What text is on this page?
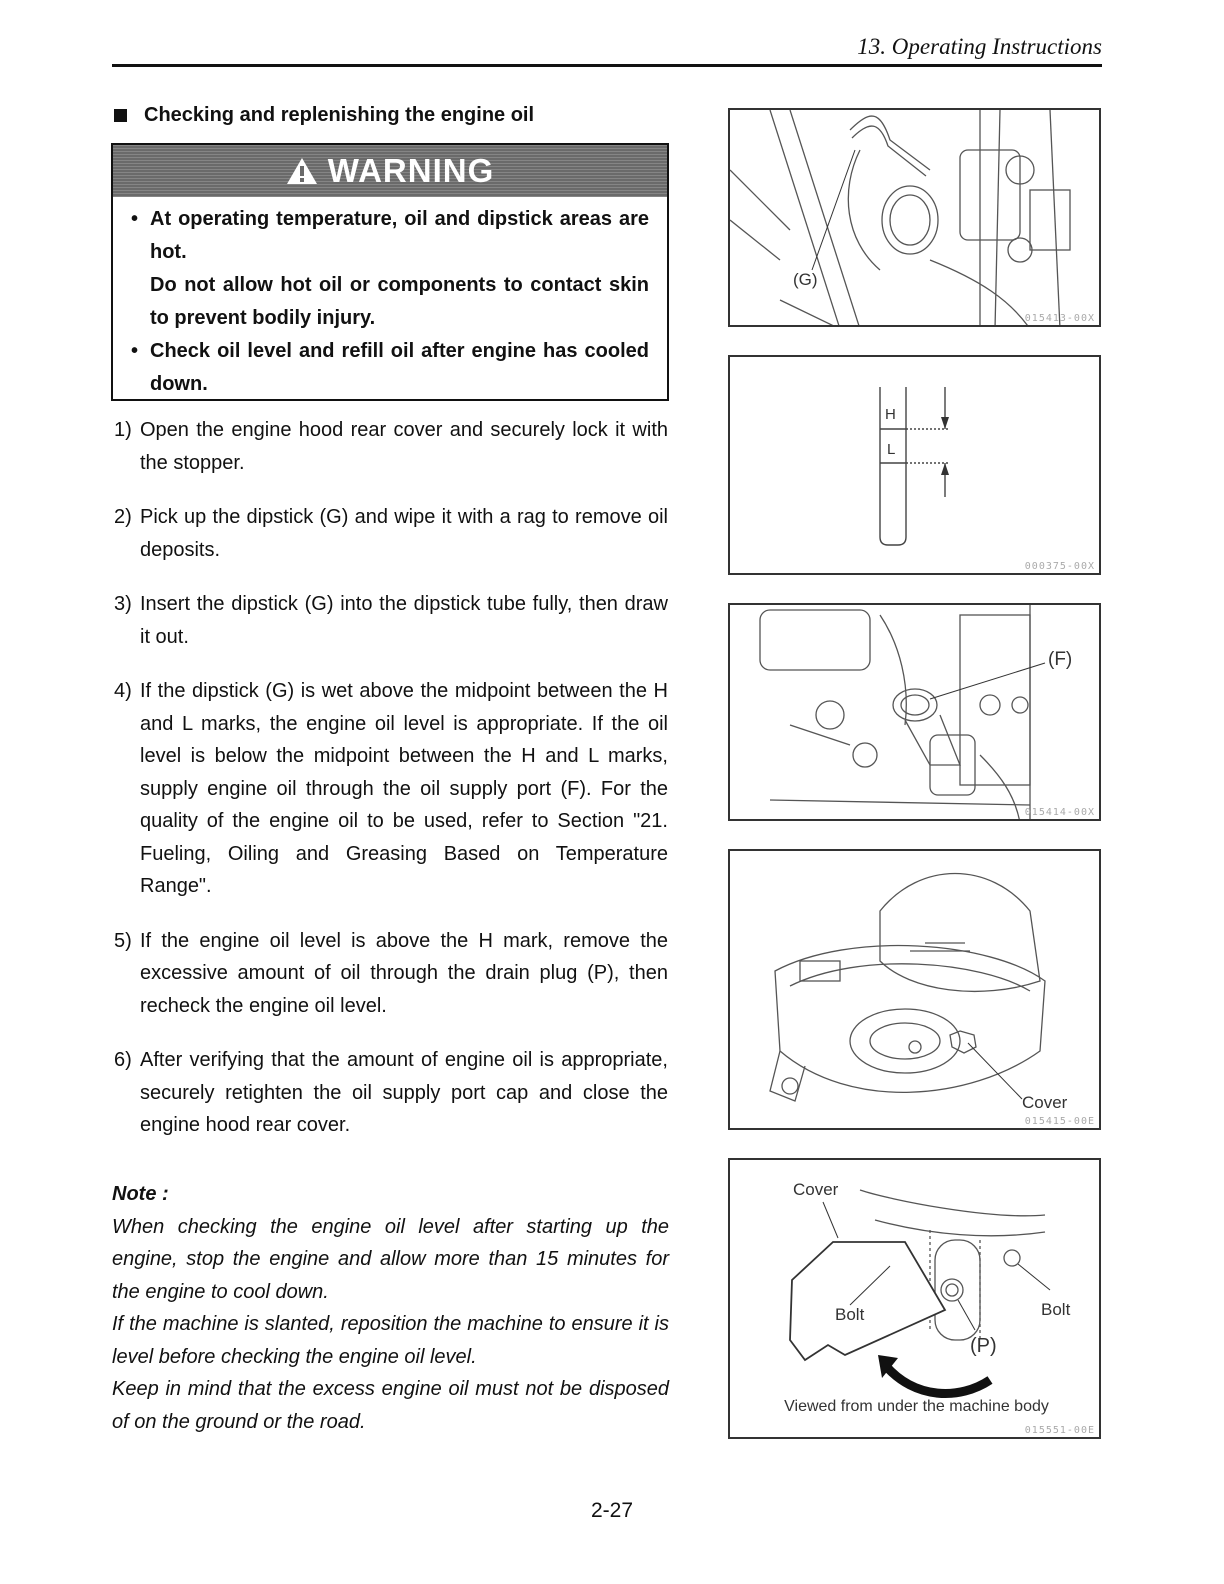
13. Operating Instructions
Checking and replenishing the engine oil
WARNING

• At operating temperature, oil and dipstick areas are hot.

Do not allow hot oil or components to contact skin to prevent bodily injury.

• Check oil level and refill oil after engine has cooled down.

1) Open the engine hood rear cover and securely lock it with the stopper.
2) Pick up the dipstick (G) and wipe it with a rag to remove oil deposits.
3) Insert the dipstick (G) into the dipstick tube fully, then draw it out.
4) If the dipstick (G) is wet above the midpoint between the H and L marks, the engine oil level is appropriate. If the oil level is below the midpoint between the H and L marks, supply engine oil through the oil supply port (F). For the quality of the engine oil to be used, refer to Section "21. Fueling, Oiling and Greasing Based on Temperature Range".
5) If the engine oil level is above the H mark, remove the excessive amount of oil through the drain plug (P), then recheck the engine oil level.
6) After verifying that the amount of engine oil is appropriate, securely retighten the oil supply port cap and close the engine hood rear cover.
Note :
When checking the engine oil level after starting up the engine, stop the engine and allow more than 15 minutes for the engine to cool down.
If the machine is slanted, reposition the machine to ensure it is level before checking the engine oil level.
Keep in mind that the excess engine oil must not be disposed of on the ground or the road.
(G)
015413-00X
H
L
000375-00X
(F)
015414-00X
Cover
015415-00E
Cover
Bolt	Bolt
(P)
Viewed from under the machine body
015551-00E
2-27
